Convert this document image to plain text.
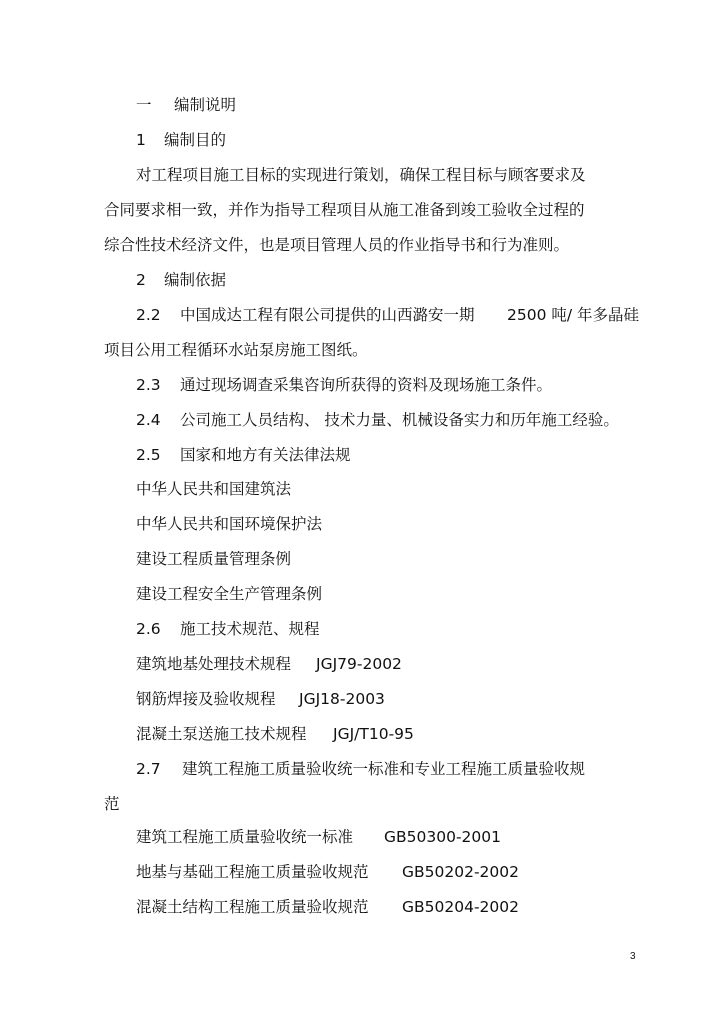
一 编制说明
1 编制目的
对工程项目施工目标的实现进行策划，确保工程目标与顾客要求及
合同要求相一致，并作为指导工程项目从施工准备到竣工验收全过程的
综合性技术经济文件，也是项目管理人员的作业指导书和行为准则。
2 编制依据
2.2 中国成达工程有限公司提供的山西潞安一期 2500 吨/ 年多晶硅
项目公用工程循环水站泵房施工图纸。
2.3 通过现场调查采集咨询所获得的资料及现场施工条件。
2.4 公司施工人员结构、 技术力量、机械设备实力和历年施工经验。
2.5 国家和地方有关法律法规
中华人民共和国建筑法
中华人民共和国环境保护法
建设工程质量管理条例
建设工程安全生产管理条例
2.6 施工技术规范、规程
建筑地基处理技术规程 JGJ79-2002
钢筋焊接及验收规程 JGJ18-2003
混凝土泵送施工技术规程 JGJ/T10-95
2.7 建筑工程施工质量验收统一标准和专业工程施工质量验收规
范
建筑工程施工质量验收统一标准 GB50300-2001
地基与基础工程施工质量验收规范 GB50202-2002
混凝土结构工程施工质量验收规范 GB50204-2002
3
